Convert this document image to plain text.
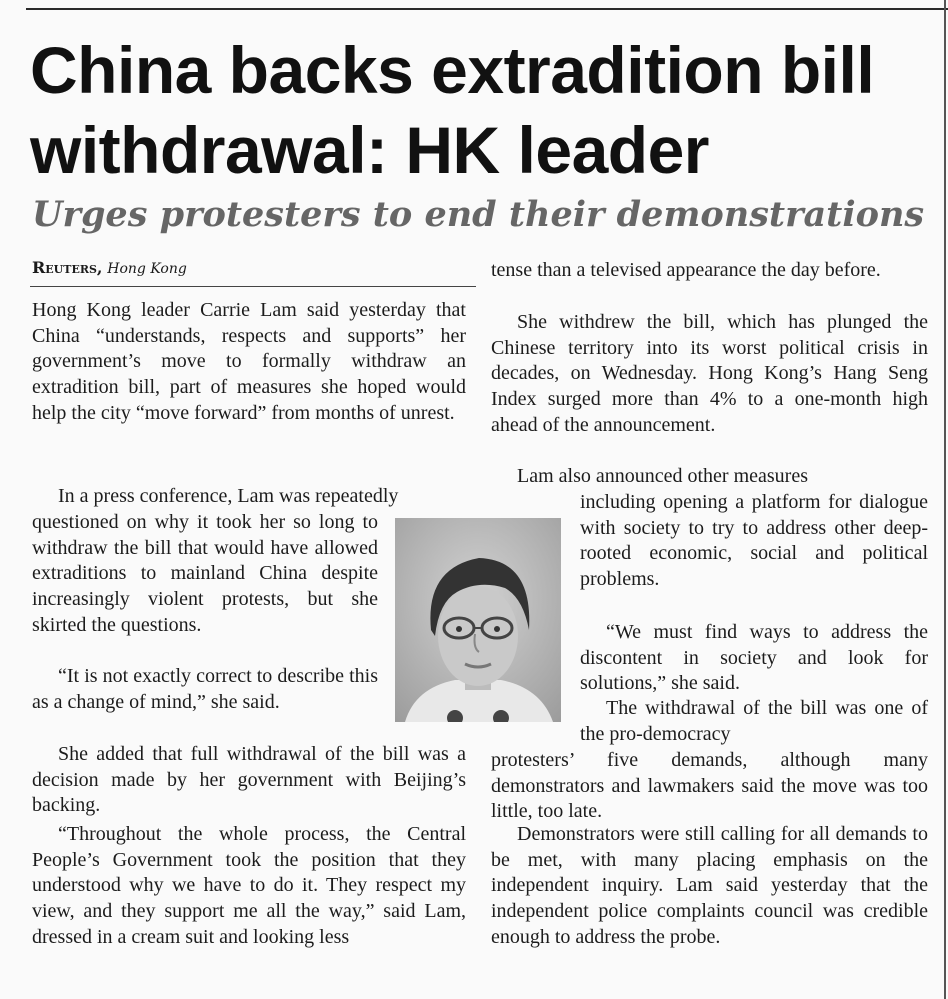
China backs extradition bill withdrawal: HK leader
Urges protesters to end their demonstrations
Reuters, Hong Kong

Hong Kong leader Carrie Lam said yesterday that China “understands, respects and supports” her government’s move to formally withdraw an extradition bill, part of measures she hoped would help the city “move forward” from months of unrest.

In a press conference, Lam was repeatedly

questioned on why it took her so long to withdraw the bill that would have allowed extraditions to mainland China despite increasingly violent protests, but she skirted the questions.

“It is not exactly correct to describe this as a change of mind,” she said.

She added that full withdrawal of the bill was a decision made by her government with Beijing’s backing.

“Throughout the whole process, the Central People’s Government took the position that they understood why we have to do it. They respect my view, and they support me all the way,” said Lam, dressed in a cream suit and looking less

tense than a televised appearance the day before.

She withdrew the bill, which has plunged the Chinese territory into its worst political crisis in decades, on Wednesday. Hong Kong’s Hang Seng Index surged more than 4% to a one-month high ahead of the announcement.

Lam also announced other measures

including opening a platform for dialogue with society to try to address other deep-rooted economic, social and political problems.

“We must find ways to address the discontent in society and look for solutions,” she said.

The withdrawal of the bill was one of the pro-democracy

protesters’ five demands, although many demonstrators and lawmakers said the move was too little, too late.

Demonstrators were still calling for all demands to be met, with many placing emphasis on the independent inquiry. Lam said yesterday that the independent police complaints council was credible enough to address the probe.
